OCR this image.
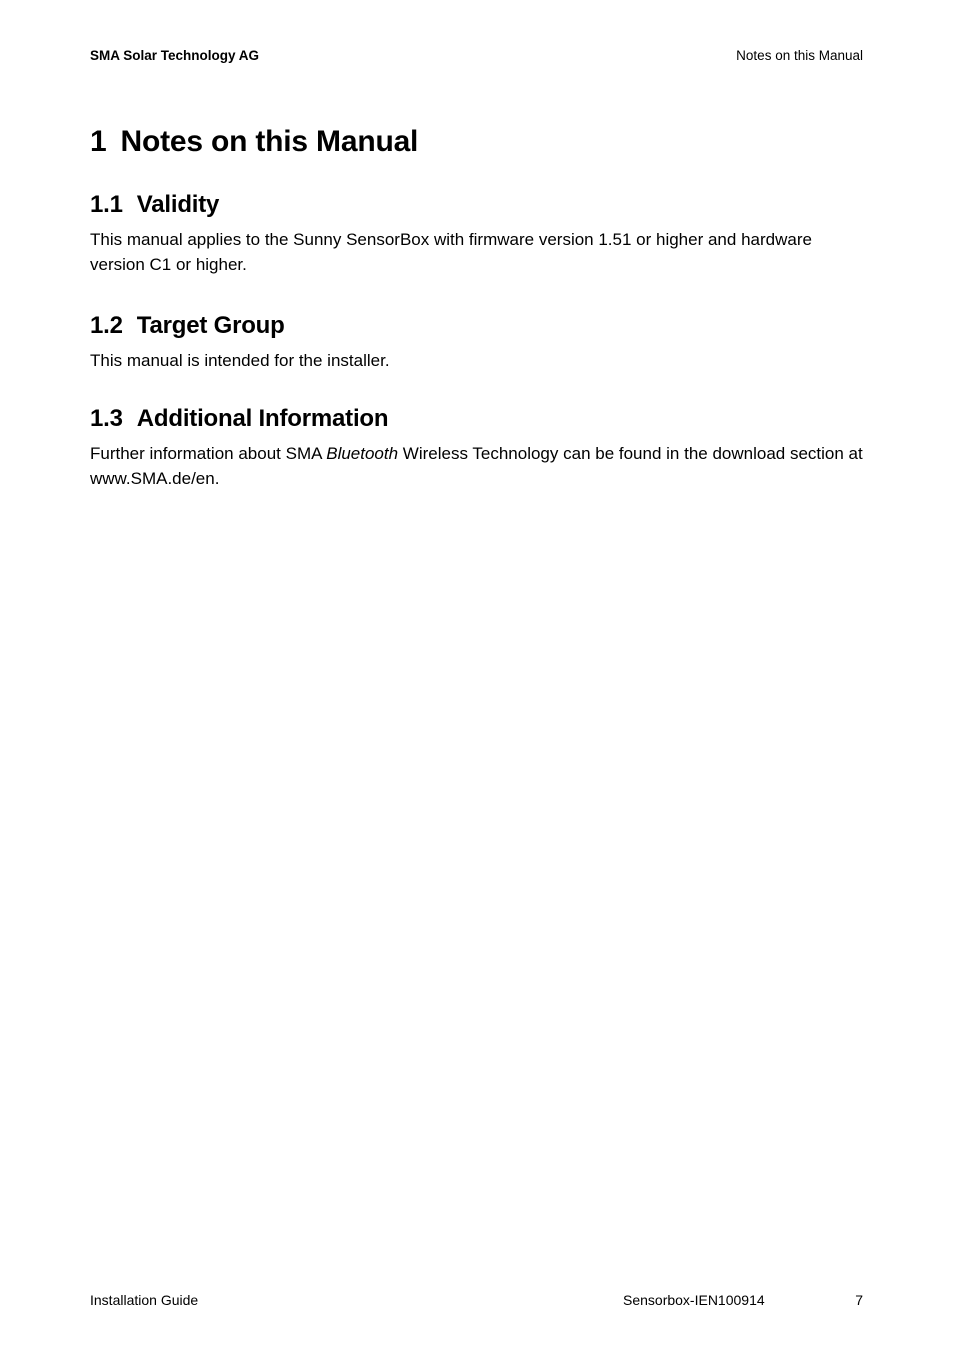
SMA Solar Technology AG	Notes on this Manual
1 Notes on this Manual
1.1 Validity

This manual applies to the Sunny SensorBox with firmware version 1.51 or higher and hardware version C1 or higher.

1.2 Target Group

This manual is intended for the installer.

1.3 Additional Information

Further information about SMA Bluetooth Wireless Technology can be found in the download section at www.SMA.de/en.

Installation Guide	Sensorbox-IEN100914	7
